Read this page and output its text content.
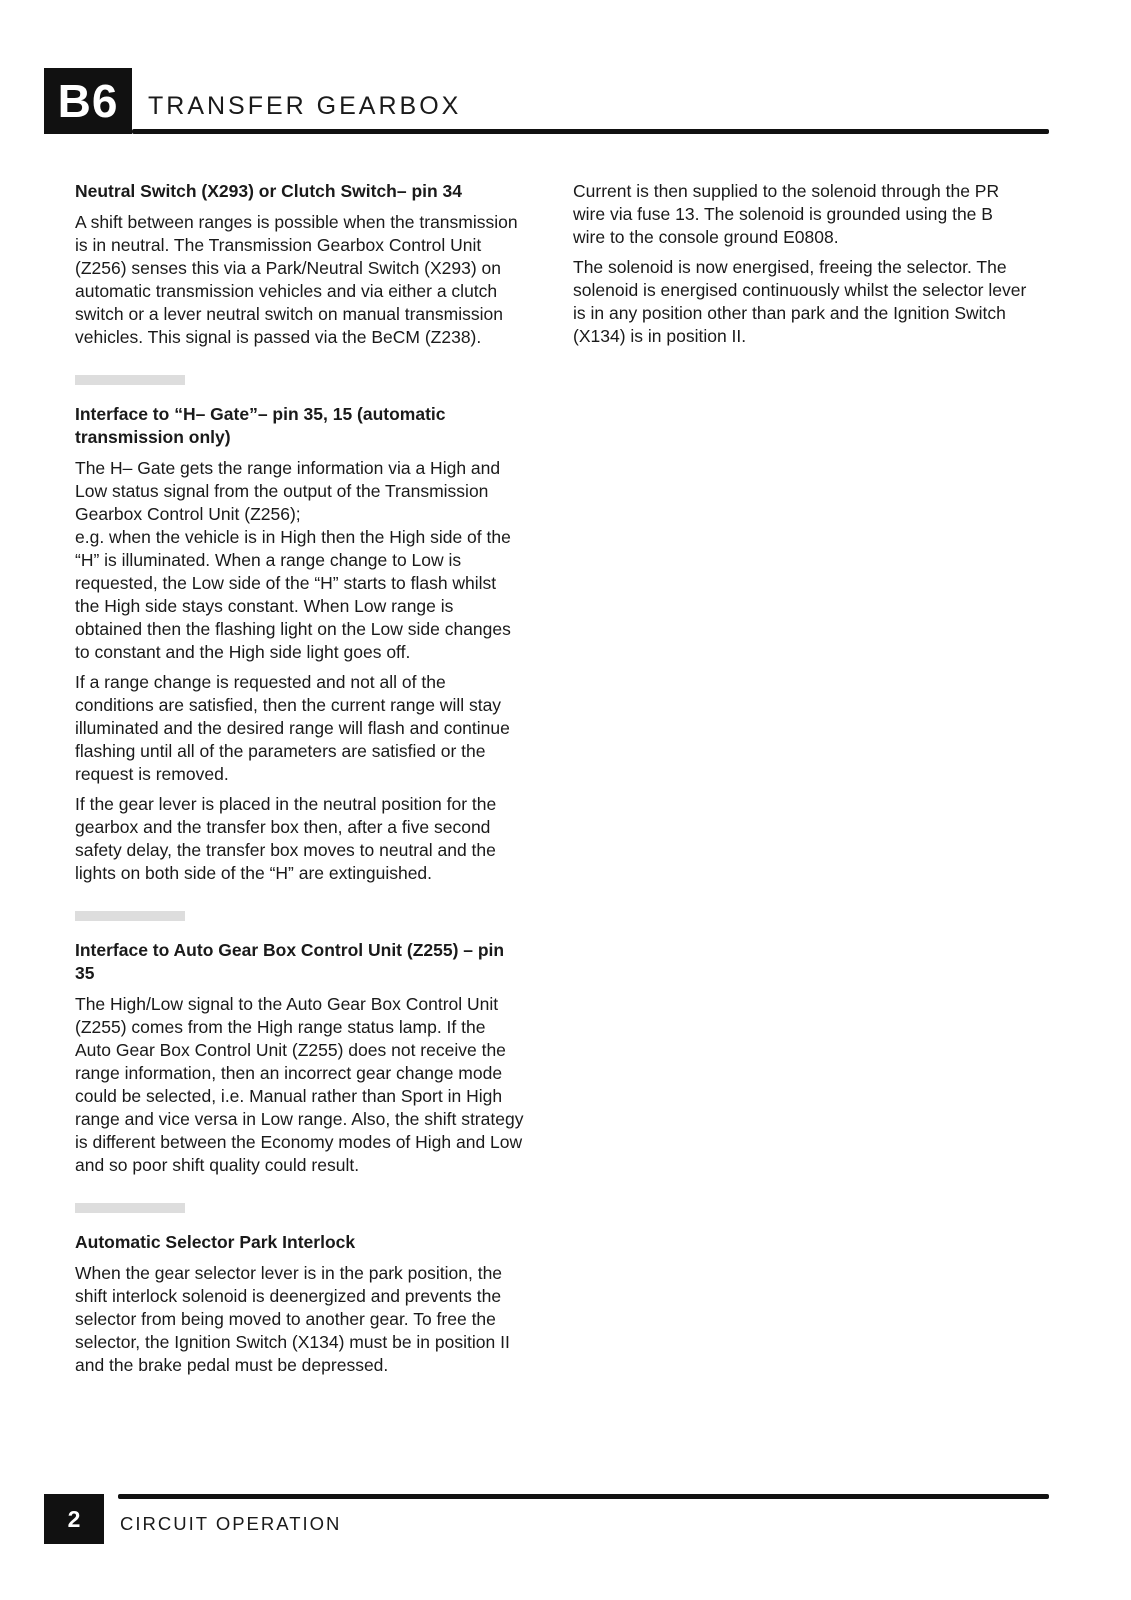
B6	TRANSFER GEARBOX
Neutral Switch (X293) or Clutch Switch– pin 34

A shift between ranges is possible when the transmission is in neutral. The Transmission Gearbox Control Unit (Z256) senses this via a Park/Neutral Switch (X293) on automatic transmission vehicles and via either a clutch switch or a lever neutral switch on manual transmission vehicles. This signal is passed via the BeCM (Z238).

Interface to “H– Gate”– pin 35, 15 (automatic transmission only)

The H– Gate gets the range information via a High and Low status signal from the output of the Transmission Gearbox Control Unit (Z256);
e.g. when the vehicle is in High then the High side of the “H” is illuminated. When a range change to Low is requested, the Low side of the “H” starts to flash whilst the High side stays constant. When Low range is obtained then the flashing light on the Low side changes to constant and the High side light goes off.

If a range change is requested and not all of the conditions are satisfied, then the current range will stay illuminated and the desired range will flash and continue flashing until all of the parameters are satisfied or the request is removed.

If the gear lever is placed in the neutral position for the gearbox and the transfer box then, after a five second safety delay, the transfer box moves to neutral and the lights on both side of the “H” are extinguished.

Interface to Auto Gear Box Control Unit (Z255) – pin 35

The High/Low signal to the Auto Gear Box Control Unit (Z255) comes from the High range status lamp. If the Auto Gear Box Control Unit (Z255) does not receive the range information, then an incorrect gear change mode could be selected, i.e. Manual rather than Sport in High range and vice versa in Low range. Also, the shift strategy is different between the Economy modes of High and Low and so poor shift quality could result.

Automatic Selector Park Interlock

When the gear selector lever is in the park position, the shift interlock solenoid is deenergized and prevents the selector from being moved to another gear. To free the selector, the Ignition Switch (X134) must be in position II and the brake pedal must be depressed.

Current is then supplied to the solenoid through the PR wire via fuse 13. The solenoid is grounded using the B wire to the console ground E0808.

The solenoid is now energised, freeing the selector. The solenoid is energised continuously whilst the selector lever is in any position other than park and the Ignition Switch (X134) is in position II.

2	CIRCUIT OPERATION
